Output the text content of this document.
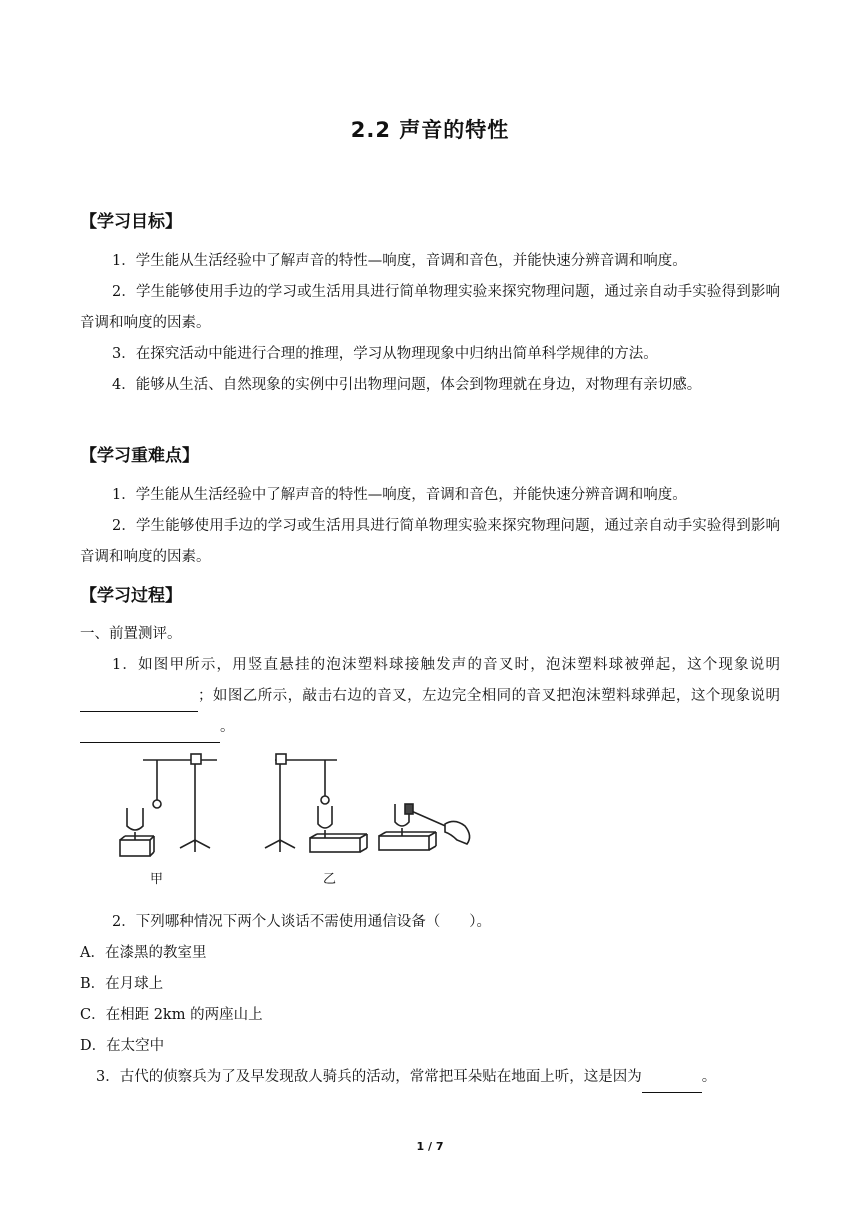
2.2 声音的特性
【学习目标】
1．学生能从生活经验中了解声音的特性—响度，音调和音色，并能快速分辨音调和响度。
2．学生能够使用手边的学习或生活用具进行简单物理实验来探究物理问题，通过亲自动手实验得到影响音调和响度的因素。
3．在探究活动中能进行合理的推理，学习从物理现象中归纳出简单科学规律的方法。
4．能够从生活、自然现象的实例中引出物理问题，体会到物理就在身边，对物理有亲切感。
【学习重难点】
1．学生能从生活经验中了解声音的特性—响度，音调和音色，并能快速分辨音调和响度。
2．学生能够使用手边的学习或生活用具进行简单物理实验来探究物理问题，通过亲自动手实验得到影响音调和响度的因素。
【学习过程】
一、前置测评。
1．如图甲所示，用竖直悬挂的泡沫塑料球接触发声的音叉时，泡沫塑料球被弹起，这个现象说明；如图乙所示，敲击右边的音叉，左边完全相同的音叉把泡沫塑料球弹起，这个现象说明。
甲	乙
2．下列哪种情况下两个人谈话不需使用通信设备（　　）。
A．在漆黑的教室里
B．在月球上
C．在相距 2km 的两座山上
D．在太空中
3．古代的侦察兵为了及早发现敌人骑兵的活动，常常把耳朵贴在地面上听，这是因为	。
1 / 7
